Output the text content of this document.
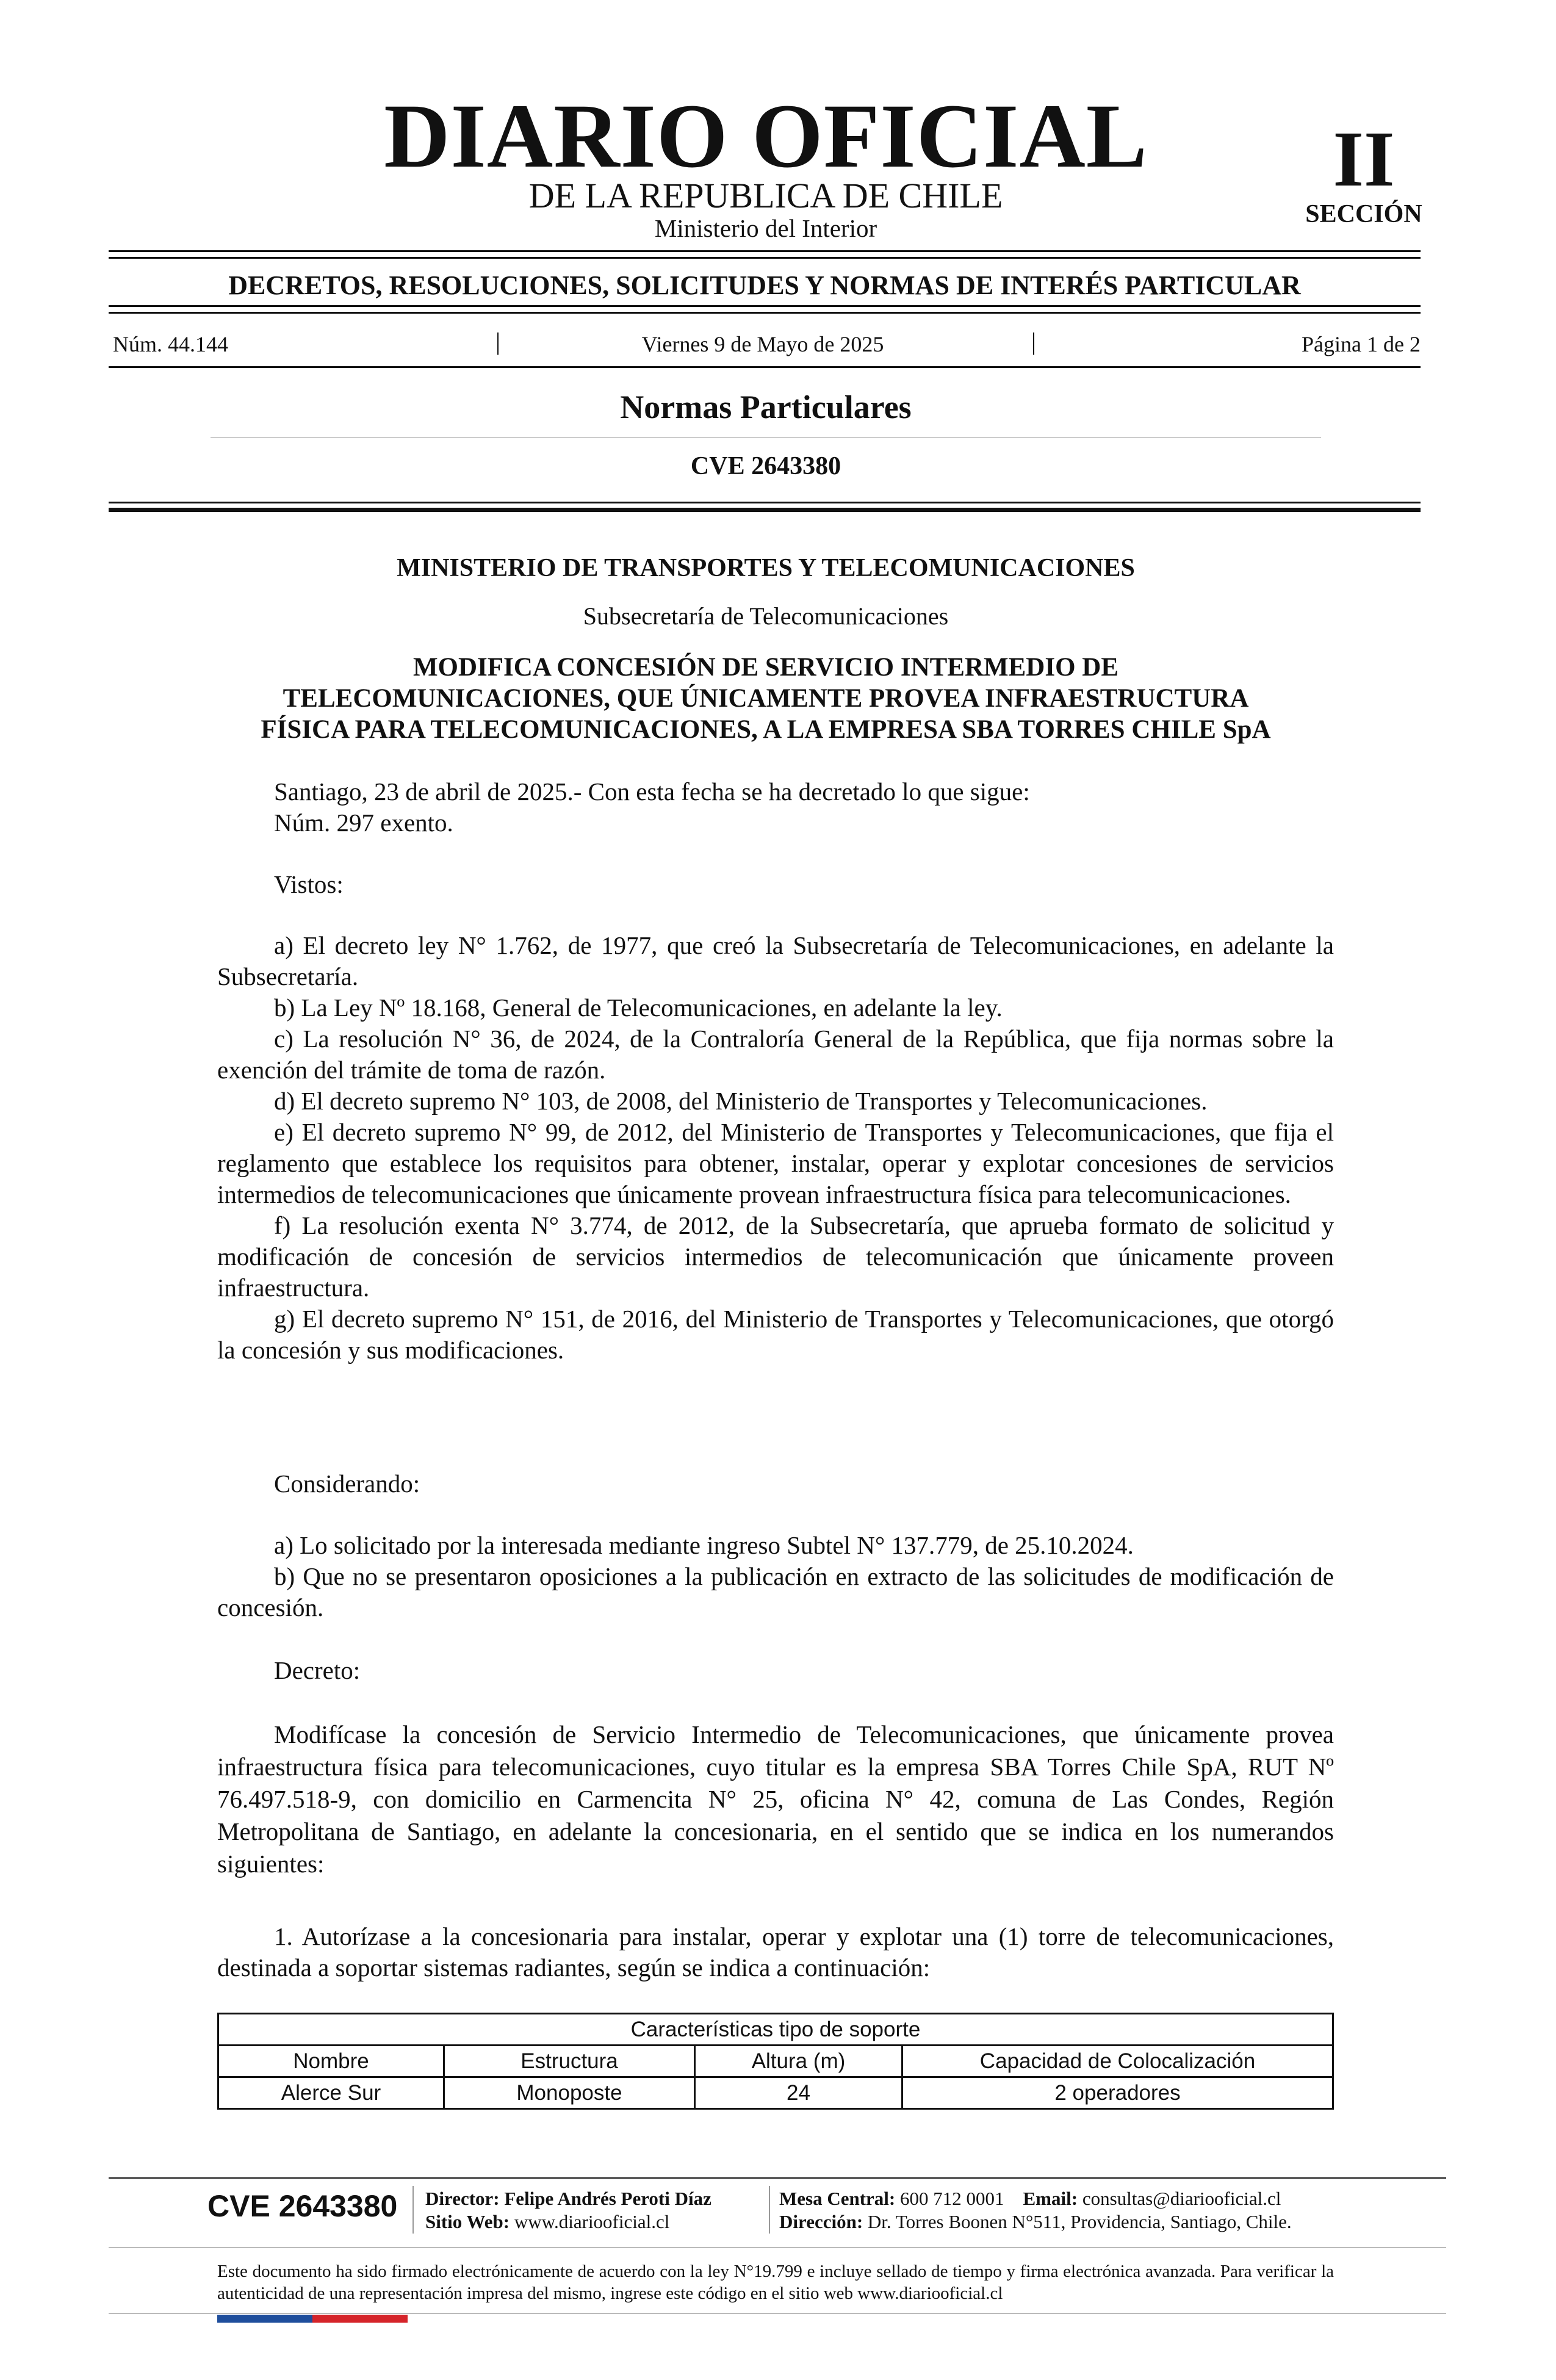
DIARIO OFICIAL
DE LA REPUBLICA DE CHILE
Ministerio del Interior
II
SECCIÓN
DECRETOS, RESOLUCIONES, SOLICITUDES Y NORMAS DE INTERÉS PARTICULAR
Núm. 44.144	|	Viernes 9 de Mayo de 2025	|	Página 1 de 2
Normas Particulares
CVE 2643380
MINISTERIO DE TRANSPORTES Y TELECOMUNICACIONES
Subsecretaría de Telecomunicaciones
MODIFICA CONCESIÓN DE SERVICIO INTERMEDIO DE
TELECOMUNICACIONES, QUE ÚNICAMENTE PROVEA INFRAESTRUCTURA
FÍSICA PARA TELECOMUNICACIONES, A LA EMPRESA SBA TORRES CHILE SpA

Santiago, 23 de abril de 2025.- Con esta fecha se ha decretado lo que sigue:

Núm. 297 exento.

Vistos:

a) El decreto ley N° 1.762, de 1977, que creó la Subsecretaría de Telecomunicaciones, en adelante la Subsecretaría.

b) La Ley Nº 18.168, General de Telecomunicaciones, en adelante la ley.

c) La resolución N° 36, de 2024, de la Contraloría General de la República, que fija normas sobre la exención del trámite de toma de razón.

d) El decreto supremo N° 103, de 2008, del Ministerio de Transportes y Telecomunicaciones.

e) El decreto supremo N° 99, de 2012, del Ministerio de Transportes y Telecomunicaciones, que fija el reglamento que establece los requisitos para obtener, instalar, operar y explotar concesiones de servicios intermedios de telecomunicaciones que únicamente provean infraestructura física para telecomunicaciones.

f) La resolución exenta N° 3.774, de 2012, de la Subsecretaría, que aprueba formato de solicitud y modificación de concesión de servicios intermedios de telecomunicación que únicamente proveen infraestructura.

g) El decreto supremo N° 151, de 2016, del Ministerio de Transportes y Telecomunicaciones, que otorgó la concesión y sus modificaciones.

Considerando:

a) Lo solicitado por la interesada mediante ingreso Subtel N° 137.779, de 25.10.2024.

b) Que no se presentaron oposiciones a la publicación en extracto de las solicitudes de modificación de concesión.

Decreto:

Modifícase la concesión de Servicio Intermedio de Telecomunicaciones, que únicamente provea infraestructura física para telecomunicaciones, cuyo titular es la empresa SBA Torres Chile SpA, RUT Nº 76.497.518-9, con domicilio en Carmencita N° 25, oficina N° 42, comuna de Las Condes, Región Metropolitana de Santiago, en adelante la concesionaria, en el sentido que se indica en los numerandos siguientes:

1. Autorízase a la concesionaria para instalar, operar y explotar una (1) torre de telecomunicaciones, destinada a soportar sistemas radiantes, según se indica a continuación:

Características tipo de soporte			
Nombre	Estructura	Altura (m)	Capacidad de Colocalización
Alerce Sur	Monoposte	24	2 operadores
CVE 2643380 Director: Felipe Andrés Peroti Díaz
Sitio Web: www.diariooficial.cl
Mesa Central: 600 712 0001 Email: consultas@diariooficial.cl
Dirección: Dr. Torres Boonen N°511, Providencia, Santiago, Chile.
Este documento ha sido firmado electrónicamente de acuerdo con la ley N°19.799 e incluye sellado de tiempo y firma electrónica avanzada. Para verificar la autenticidad de una representación impresa del mismo, ingrese este código en el sitio web www.diariooficial.cl
